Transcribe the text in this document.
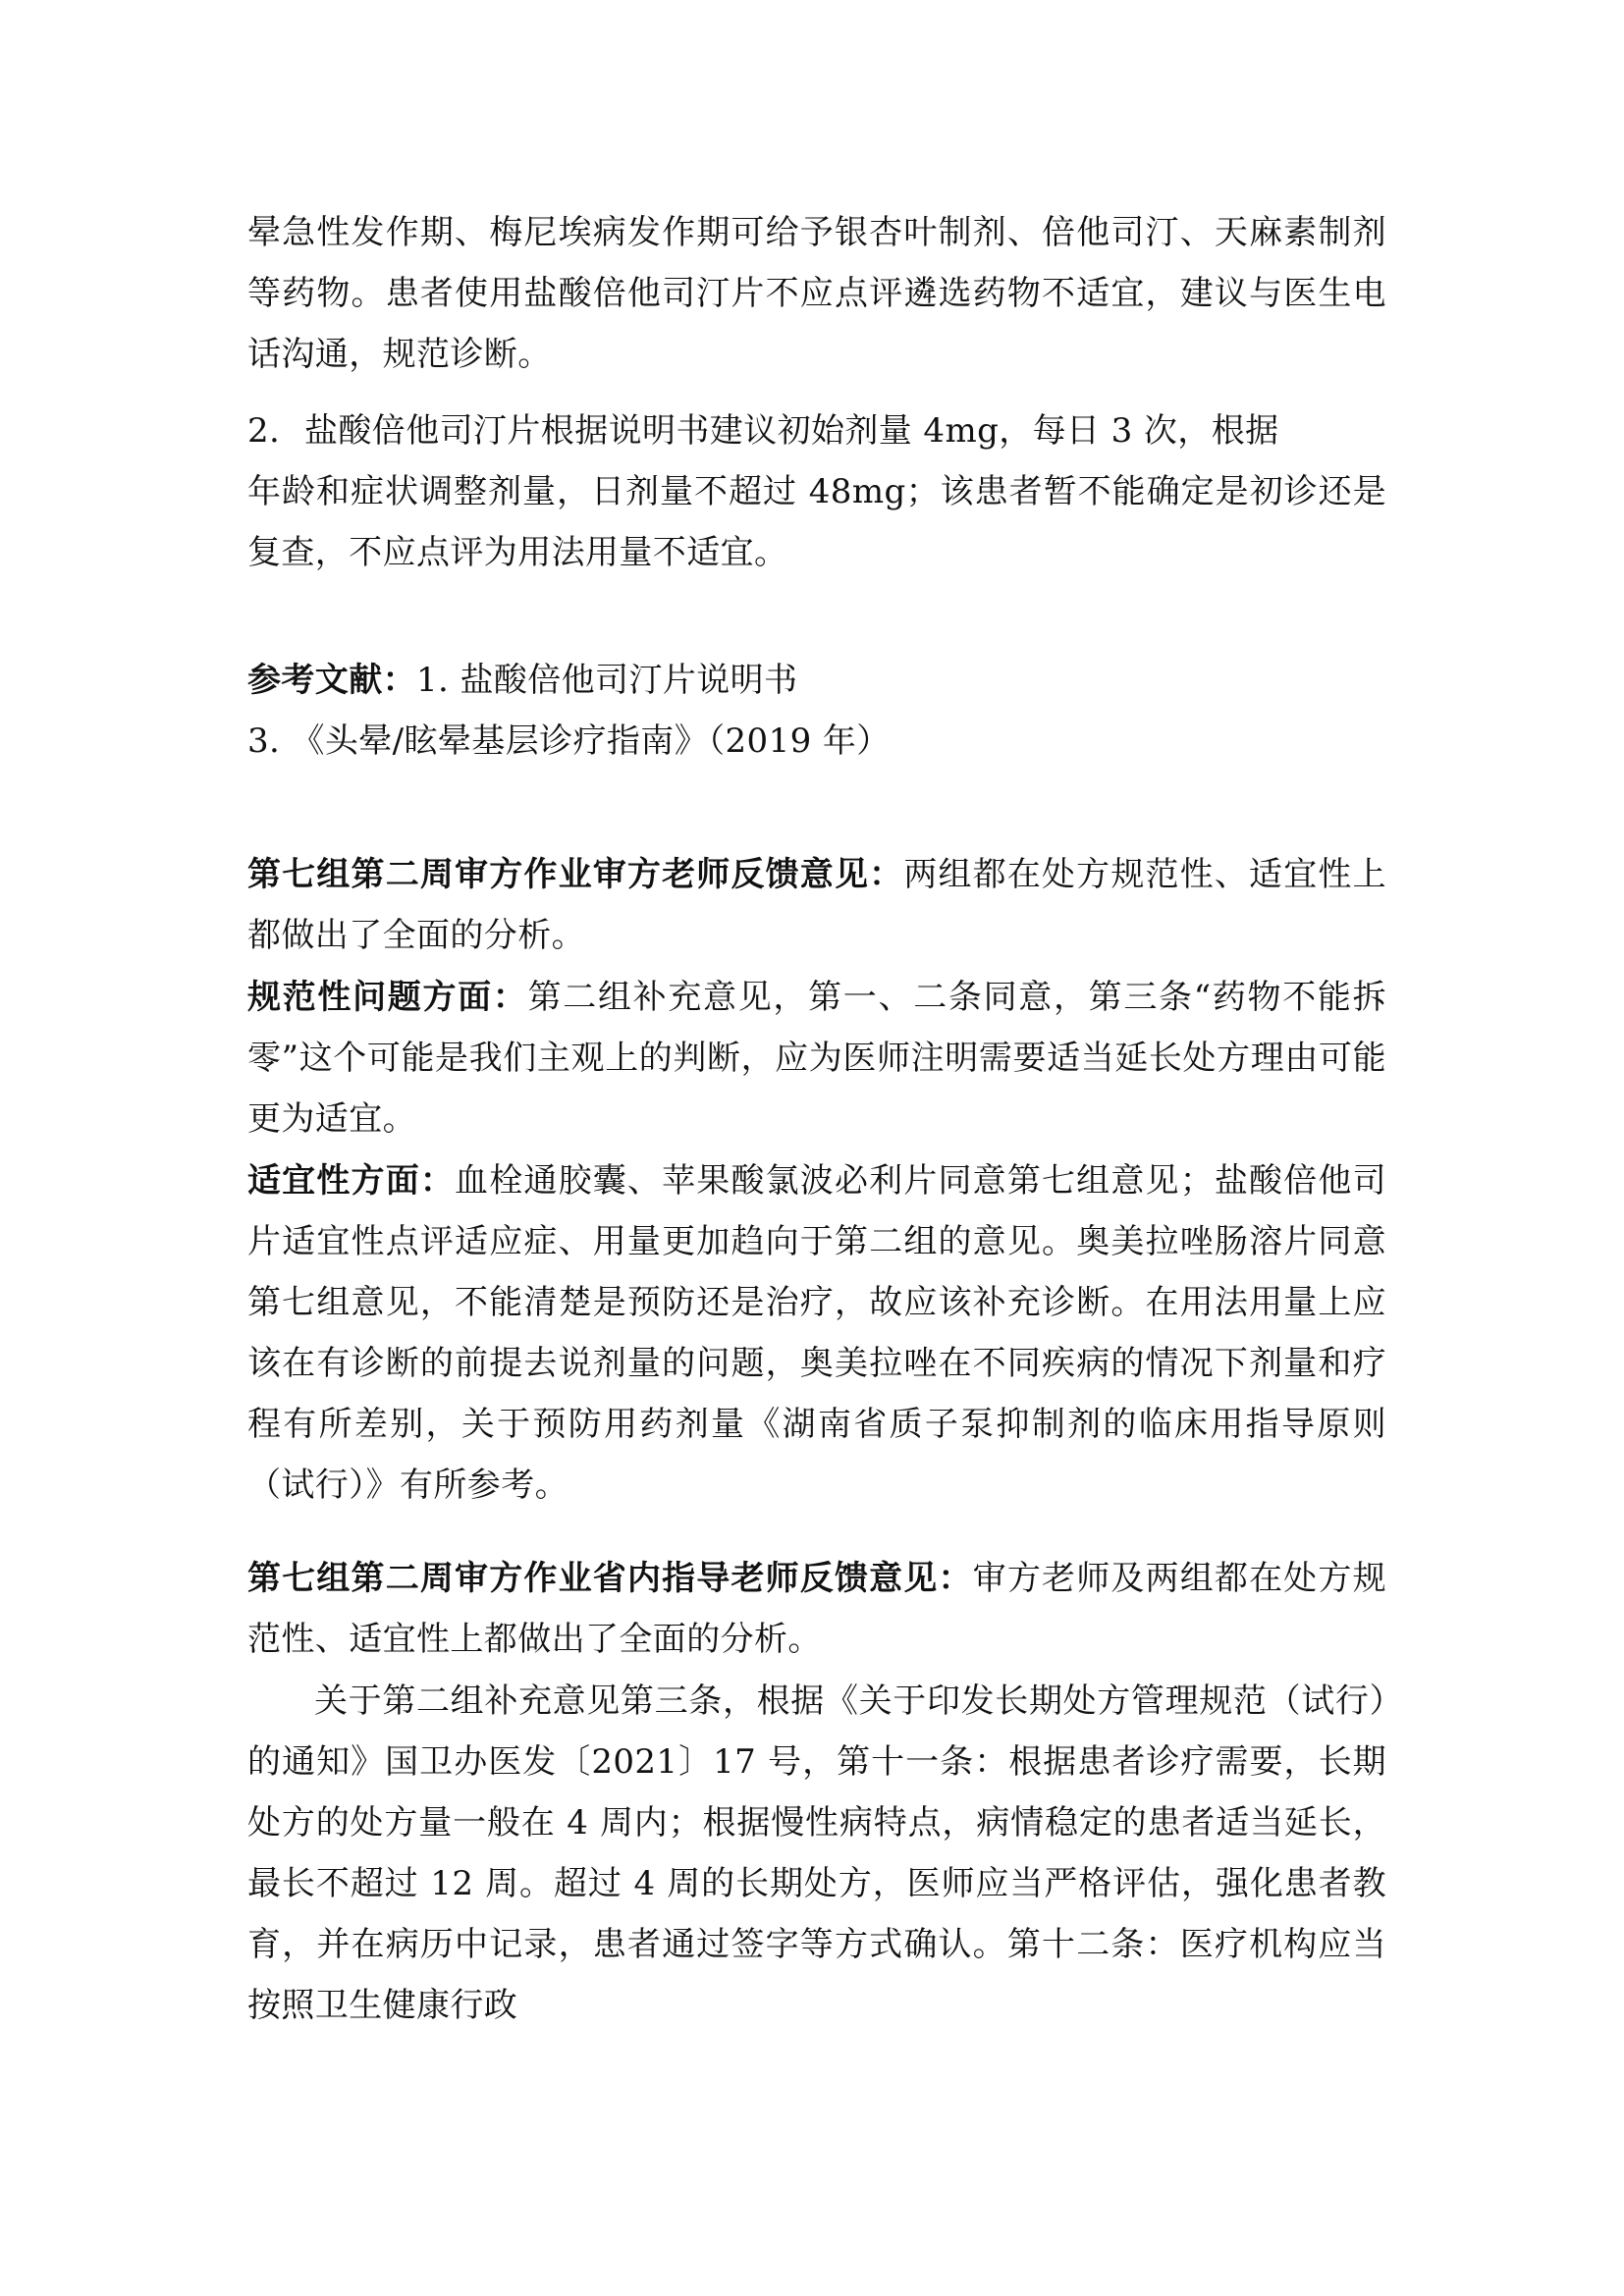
晕急性发作期、梅尼埃病发作期可给予银杏叶制剂、倍他司汀、天麻素制剂等药物。患者使用盐酸倍他司汀片不应点评遴选药物不适宜，建议与医生电话沟通，规范诊断。

2. 盐酸倍他司汀片根据说明书建议初始剂量 4mg，每日 3 次，根据
年龄和症状调整剂量，日剂量不超过 48mg；该患者暂不能确定是初诊还是复查，不应点评为用法用量不适宜。

参考文献：1. 盐酸倍他司汀片说明书
3. 《头晕/眩晕基层诊疗指南》（2019 年）

第七组第二周审方作业审方老师反馈意见：两组都在处方规范性、适宜性上都做出了全面的分析。

规范性问题方面：第二组补充意见，第一、二条同意，第三条“药物不能拆零”这个可能是我们主观上的判断，应为医师注明需要适当延长处方理由可能更为适宜。

适宜性方面：血栓通胶囊、苹果酸氯波必利片同意第七组意见；盐酸倍他司片适宜性点评适应症、用量更加趋向于第二组的意见。奥美拉唑肠溶片同意第七组意见，不能清楚是预防还是治疗，故应该补充诊断。在用法用量上应该在有诊断的前提去说剂量的问题，奥美拉唑在不同疾病的情况下剂量和疗程有所差别，关于预防用药剂量《湖南省质子泵抑制剂的临床用指导原则（试行）》有所参考。

第七组第二周审方作业省内指导老师反馈意见：审方老师及两组都在处方规范性、适宜性上都做出了全面的分析。

关于第二组补充意见第三条，根据《关于印发长期处方管理规范（试行）的通知》国卫办医发〔2021〕17 号，第十一条：根据患者诊疗需要，长期处方的处方量一般在 4 周内；根据慢性病特点，病情稳定的患者适当延长，最长不超过 12 周。超过 4 周的长期处方，医师应当严格评估，强化患者教育，并在病历中记录，患者通过签字等方式确认。第十二条：医疗机构应当按照卫生健康行政
